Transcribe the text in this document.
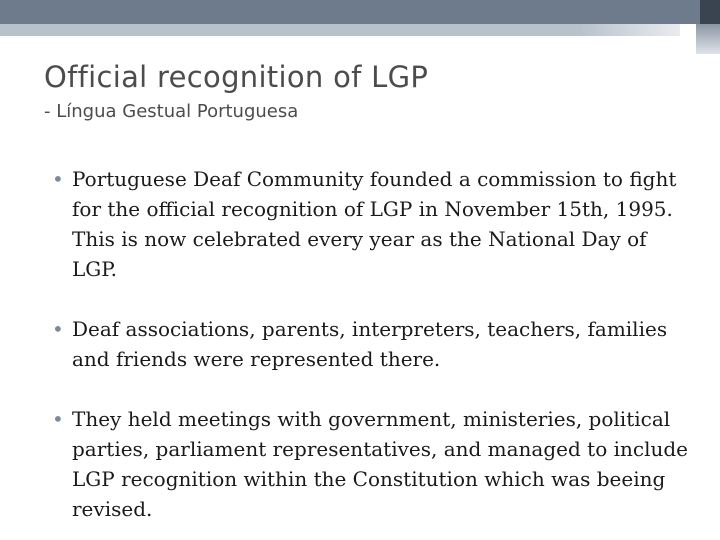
Official recognition of LGP
- Língua Gestual Portuguesa
• Portuguese Deaf Community founded a commission to fight for the official recognition of LGP in November 15th, 1995. This is now celebrated every year as the National Day of LGP.
• Deaf associations, parents, interpreters, teachers, families and friends were represented there.
• They held meetings with government, ministeries, political parties, parliament representatives, and managed to include LGP recognition within the Constitution which was beeing revised.
